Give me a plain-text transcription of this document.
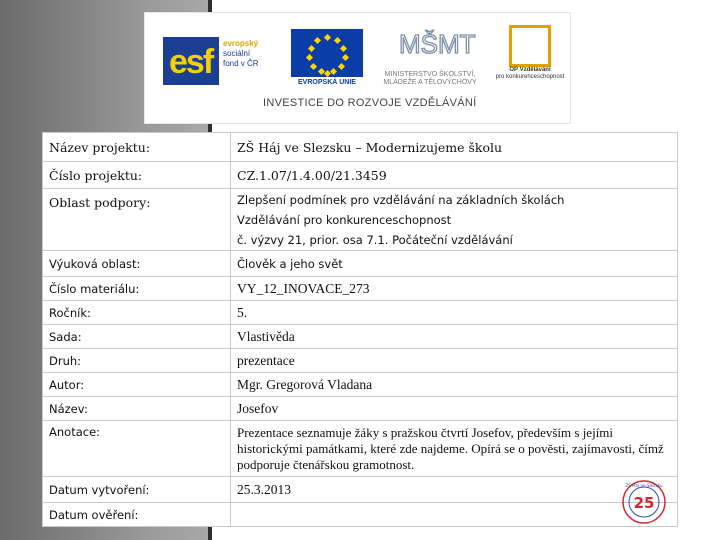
esf evropský
sociální
fond v ČR
EVROPSKÁ UNIE
MŠMT
MINISTERSTVO ŠKOLSTVÍ,
MLÁDEŽE A TĚLOVÝCHOVY
OP Vzdělávání
pro konkurenceschopnost
INVESTICE DO ROZVOJE VZDĚLÁVÁNÍ
Název projektu:	ZŠ Háj ve Slezsku – Modernizujeme školu
Číslo projektu:	CZ.1.07/1.4.00/21.3459
Oblast podpory:	Zlepšení podmínek pro vzdělávání na základních školách
Vzdělávání pro konkurenceschopnost
č. výzvy 21, prior. osa 7.1. Počáteční vzdělávání

Výuková oblast:	Člověk a jeho svět
Číslo materiálu:	VY_12_INOVACE_273
Ročník:	5.
Sada:	Vlastivěda
Druh:	prezentace
Autor:	Mgr. Gregorová Vladana
Název:	Josefov
Anotace:	Prezentace seznamuje žáky s pražskou čtvrtí Josefov, především s jejími historickými památkami, které zde najdeme. Opírá se o pověsti, zajímavosti, čímž podporuje čtenářskou gramotnost.
Datum vytvoření:	25.3.2013
Datum ověření:	
25
ZŠ Háj ve Slezsku
